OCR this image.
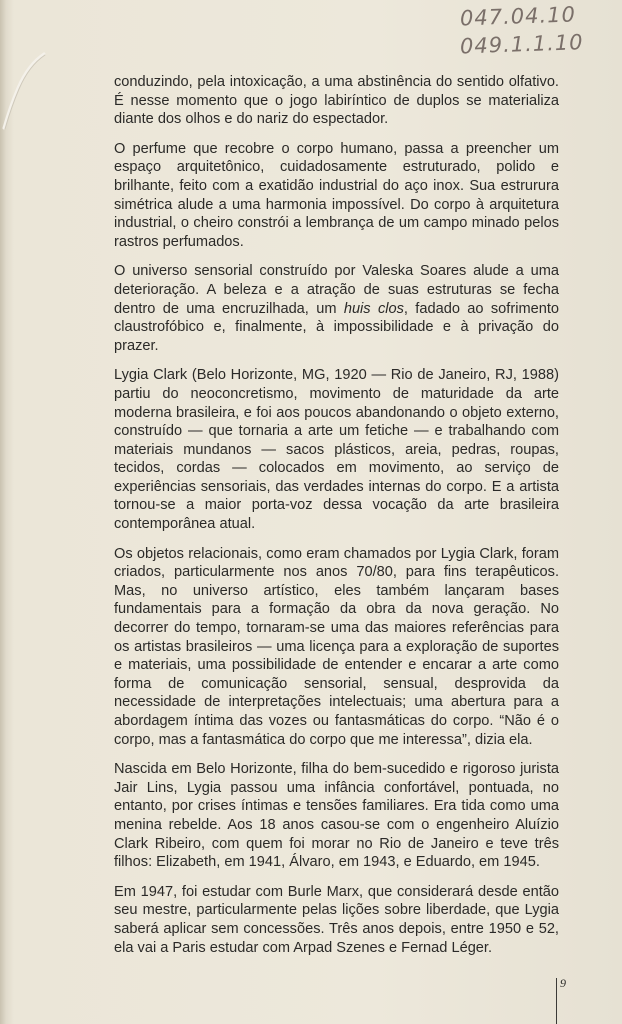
047.04.10
049.1.1.10

conduzindo, pela intoxicação, a uma abstinência do sentido olfativo. É nesse momento que o jogo labiríntico de duplos se materializa diante dos olhos e do nariz do espectador.

O perfume que recobre o corpo humano, passa a preencher um espaço arquitetônico, cuidadosamente estruturado, polido e brilhante, feito com a exatidão industrial do aço inox. Sua estrurura simétrica alude a uma harmonia impossível. Do corpo à arquitetura industrial, o cheiro constrói a lembrança de um campo minado pelos rastros perfumados.

O universo sensorial construído por Valeska Soares alude a uma deterioração. A beleza e a atração de suas estruturas se fecha dentro de uma encruzilhada, um huis clos, fadado ao sofrimento claustrofóbico e, finalmente, à impossibilidade e à privação do prazer.

Lygia Clark (Belo Horizonte, MG, 1920 — Rio de Janeiro, RJ, 1988) partiu do neoconcretismo, movimento de maturidade da arte moderna brasileira, e foi aos poucos abandonando o objeto externo, construído — que tornaria a arte um fetiche — e trabalhando com materiais mundanos — sacos plásticos, areia, pedras, roupas, tecidos, cordas — colocados em movimento, ao serviço de experiências sensoriais, das verdades internas do corpo. E a artista tornou-se a maior porta-voz dessa vocação da arte brasileira contemporânea atual.

Os objetos relacionais, como eram chamados por Lygia Clark, foram criados, particularmente nos anos 70/80, para fins terapêuticos. Mas, no universo artístico, eles também lançaram bases fundamentais para a formação da obra da nova geração. No decorrer do tempo, tornaram-se uma das maiores referências para os artistas brasileiros — uma licença para a exploração de suportes e materiais, uma possibilidade de entender e encarar a arte como forma de comunicação sensorial, sensual, desprovida da necessidade de interpretações intelectuais; uma abertura para a abordagem íntima das vozes ou fantasmáticas do corpo. “Não é o corpo, mas a fantasmática do corpo que me interessa”, dizia ela.

Nascida em Belo Horizonte, filha do bem-sucedido e rigoroso jurista Jair Lins, Lygia passou uma infância confortável, pontuada, no entanto, por crises íntimas e tensões familiares. Era tida como uma menina rebelde. Aos 18 anos casou-se com o engenheiro Aluízio Clark Ribeiro, com quem foi morar no Rio de Janeiro e teve três filhos: Elizabeth, em 1941, Álvaro, em 1943, e Eduardo, em 1945.

Em 1947, foi estudar com Burle Marx, que considerará desde então seu mestre, particularmente pelas lições sobre liberdade, que Lygia saberá aplicar sem concessões. Três anos depois, entre 1950 e 52, ela vai a Paris estudar com Arpad Szenes e Fernad Léger.

9
